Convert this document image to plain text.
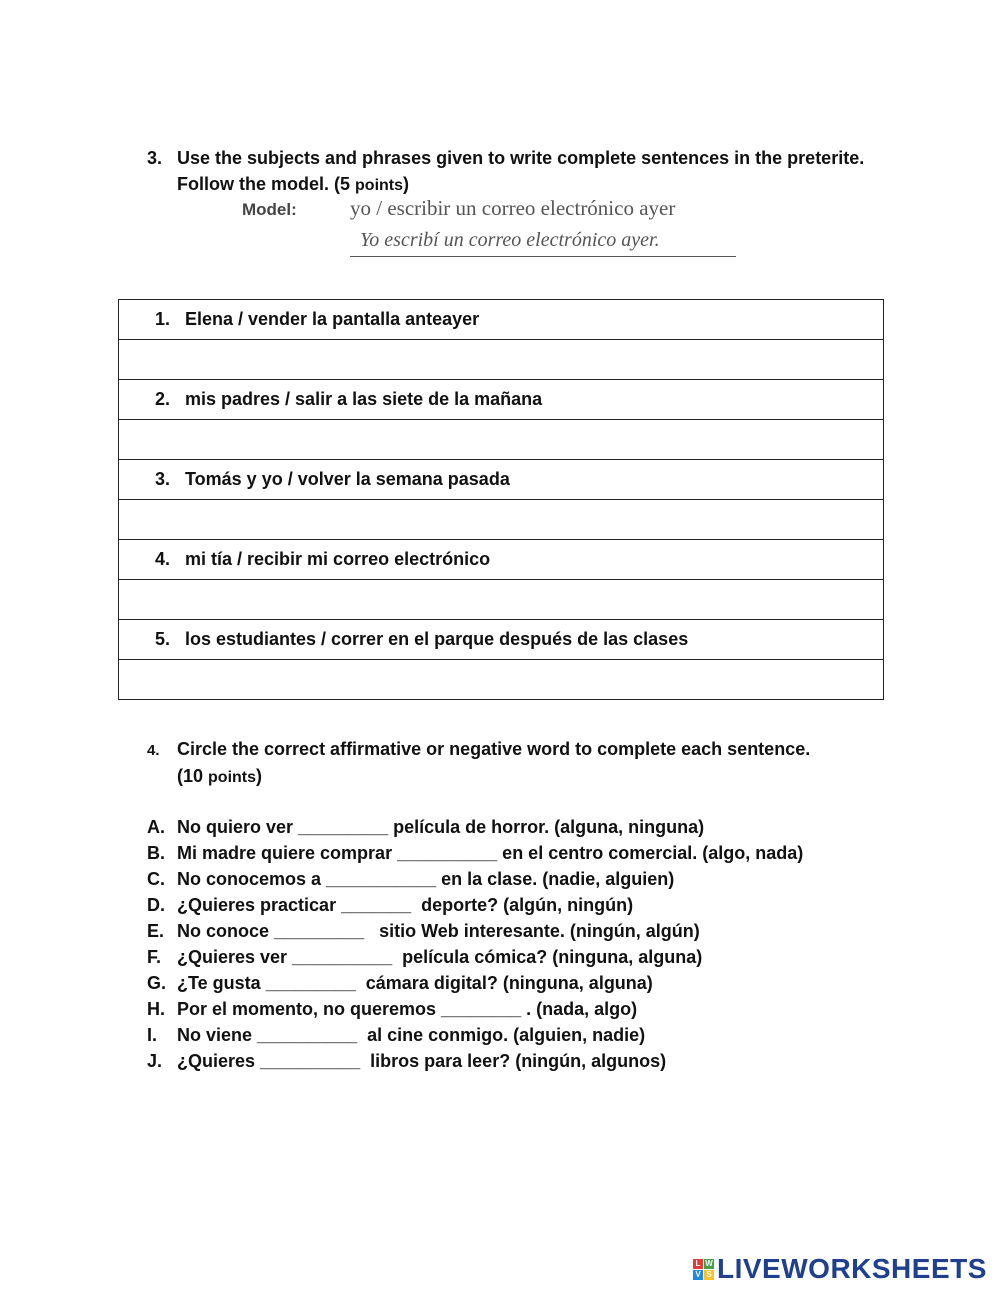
3. Use the subjects and phrases given to write complete sentences in the preterite. Follow the model. (5 points)
Model:	yo / escribir un correo electrónico ayer
Yo escribí un correo electrónico ayer.
1. Elena / vender la pantalla anteayer

2. mis padres / salir a las siete de la mañana

3. Tomás y yo / volver la semana pasada

4. mi tía / recibir mi correo electrónico

5. los estudiantes / correr en el parque después de las clases

4. Circle the correct affirmative or negative word to complete each sentence.
(10 points)
A. No quiero ver _________ película de horror. (alguna, ninguna)
B. Mi madre quiere comprar __________ en el centro comercial. (algo, nada)
C. No conocemos a ___________ en la clase. (nadie, alguien)
D. ¿Quieres practicar _______  deporte? (algún, ningún)
E. No conoce _________   sitio Web interesante. (ningún, algún)
F. ¿Quieres ver __________  película cómica? (ninguna, alguna)
G. ¿Te gusta _________  cámara digital? (ninguna, alguna)
H. Por el momento, no queremos ________ . (nada, algo)
I. No viene __________  al cine conmigo. (alguien, nadie)
J. ¿Quieres __________  libros para leer? (ningún, algunos)
L W
V S LIVEWORKSHEETS
